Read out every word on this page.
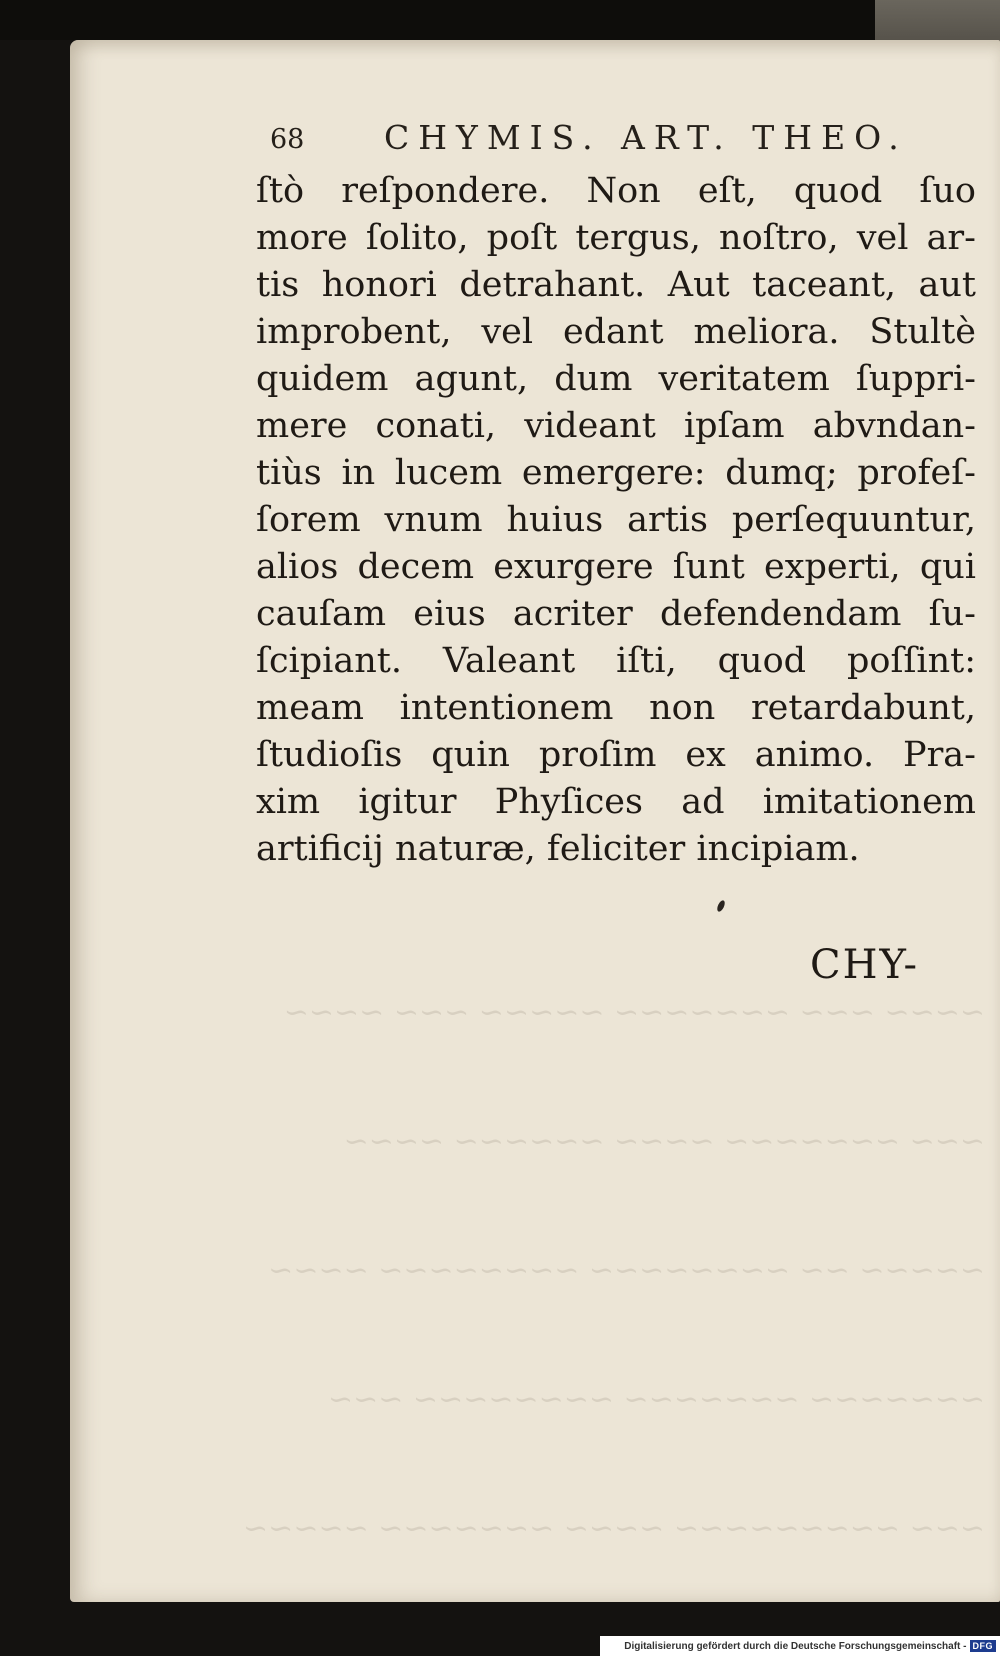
~~~~ ~~~ ~~~~~~~ ~~~~~ ~~~ ~~~~

~~~ ~~~~~~~ ~~~~ ~~~~~~ ~~~~

~~~~~ ~~ ~~~~~~~~ ~~~~~~~~ ~~~~

~~~~~~~ ~~~~~~~ ~~~~~~~~ ~~~

~~~ ~~~~~~~~~ ~~~~ ~~~~~~~ ~~~~~

68 CHYMIS. ART. THEO.
ſtò reſpondere. Non eſt, quod ſuo
more ſolito, poſt tergus, noſtro, vel ar-
tis honori detrahant. Aut taceant, aut
improbent, vel edant meliora. Stultè
quidem agunt, dum veritatem ſuppri-
mere conati, videant ipſam abvndan-
tiùs in lucem emergere: dumq; profeſ-
ſorem vnum huius artis perſequuntur,
alios decem exurgere ſunt experti, qui
cauſam eius acriter defendendam ſu-
ſcipiant. Valeant iſti, quod poſſint:
meam intentionem non retardabunt,
ſtudioſis quin proſim ex animo. Pra-
xim igitur Phyſices ad imitationem
artificij naturæ, feliciter incipiam.
CHY-
Digitalisierung gefördert durch die Deutsche Forschungsgemeinschaft - DFG
